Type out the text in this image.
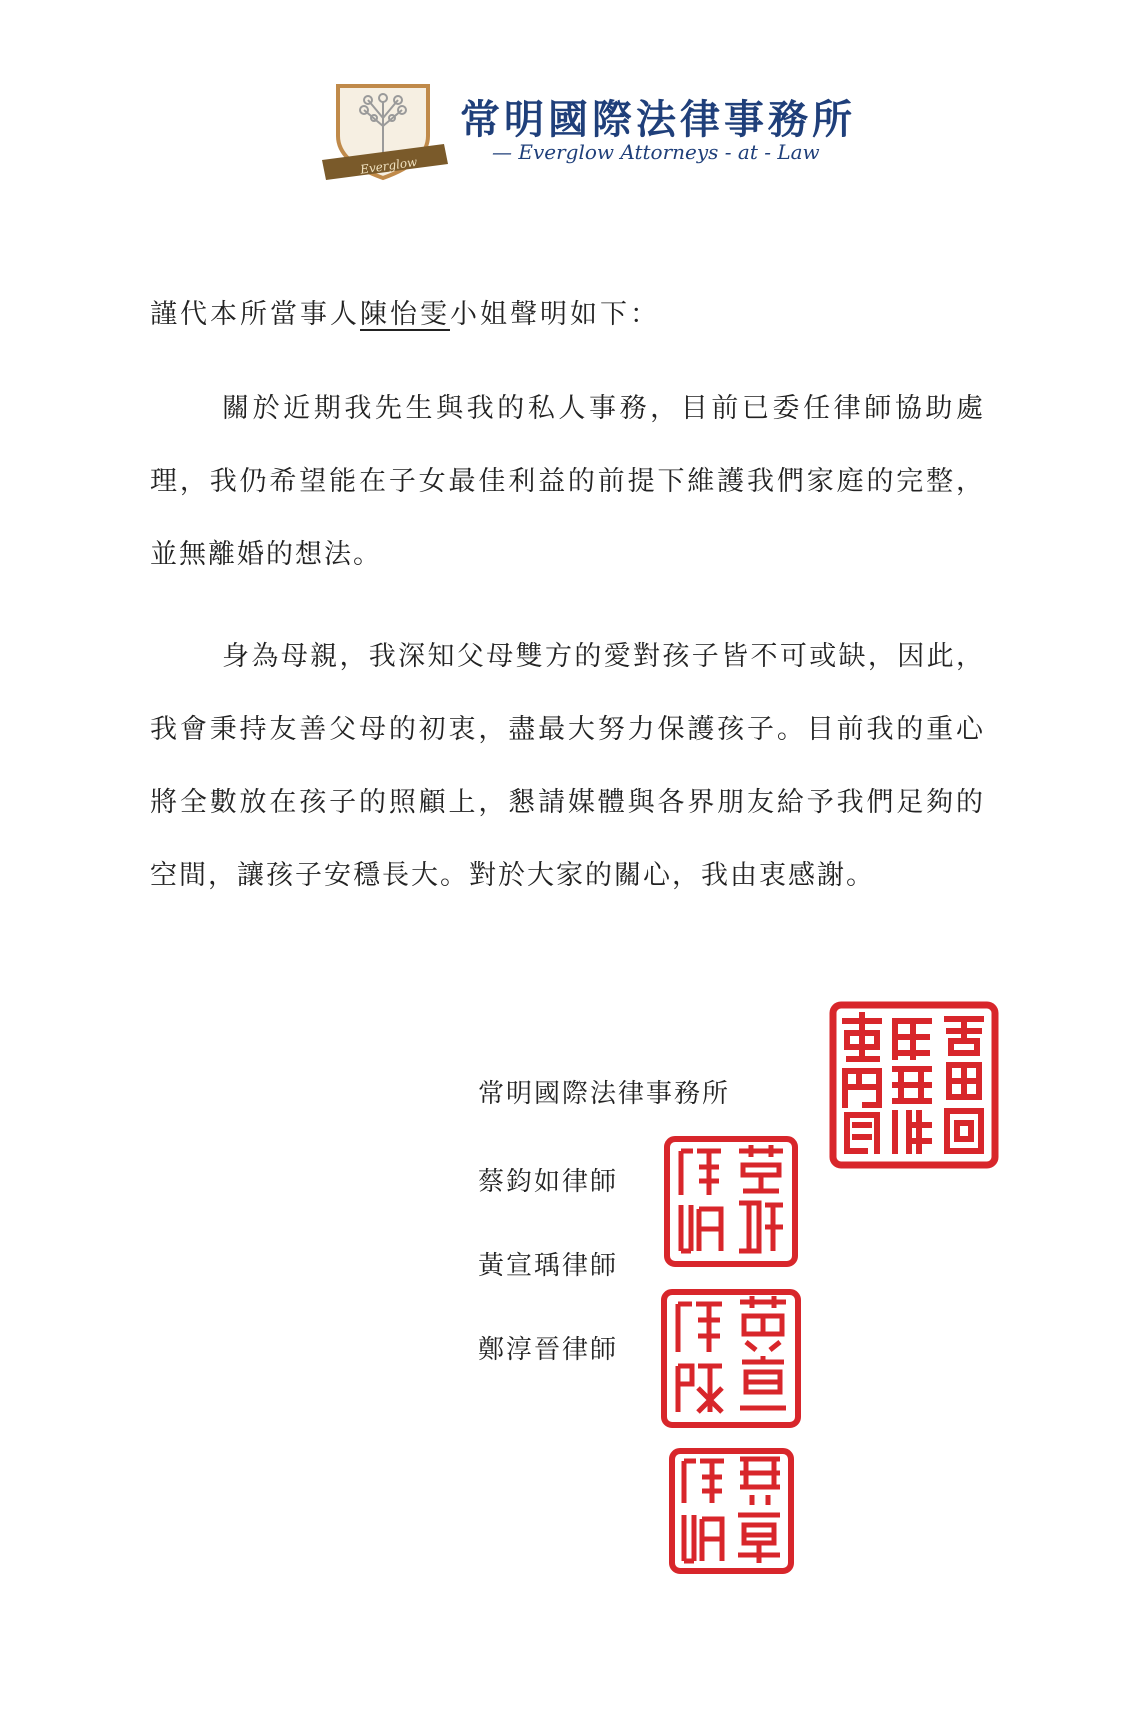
Everglow
常明國際法律事務所
— Everglow Attorneys - at - Law
謹代本所當事人陳怡雯小姐聲明如下：
關於近期我先生與我的私人事務，目前已委任律師協助處理，我仍希望能在子女最佳利益的前提下維護我們家庭的完整，並無離婚的想法。
身為母親，我深知父母雙方的愛對孩子皆不可或缺，因此，我會秉持友善父母的初衷，盡最大努力保護孩子。目前我的重心將全數放在孩子的照顧上，懇請媒體與各界朋友給予我們足夠的空間，讓孩子安穩長大。對於大家的關心，我由衷感謝。
常明國際法律事務所
蔡鈞如律師
黃宣瑀律師
鄭淳晉律師
